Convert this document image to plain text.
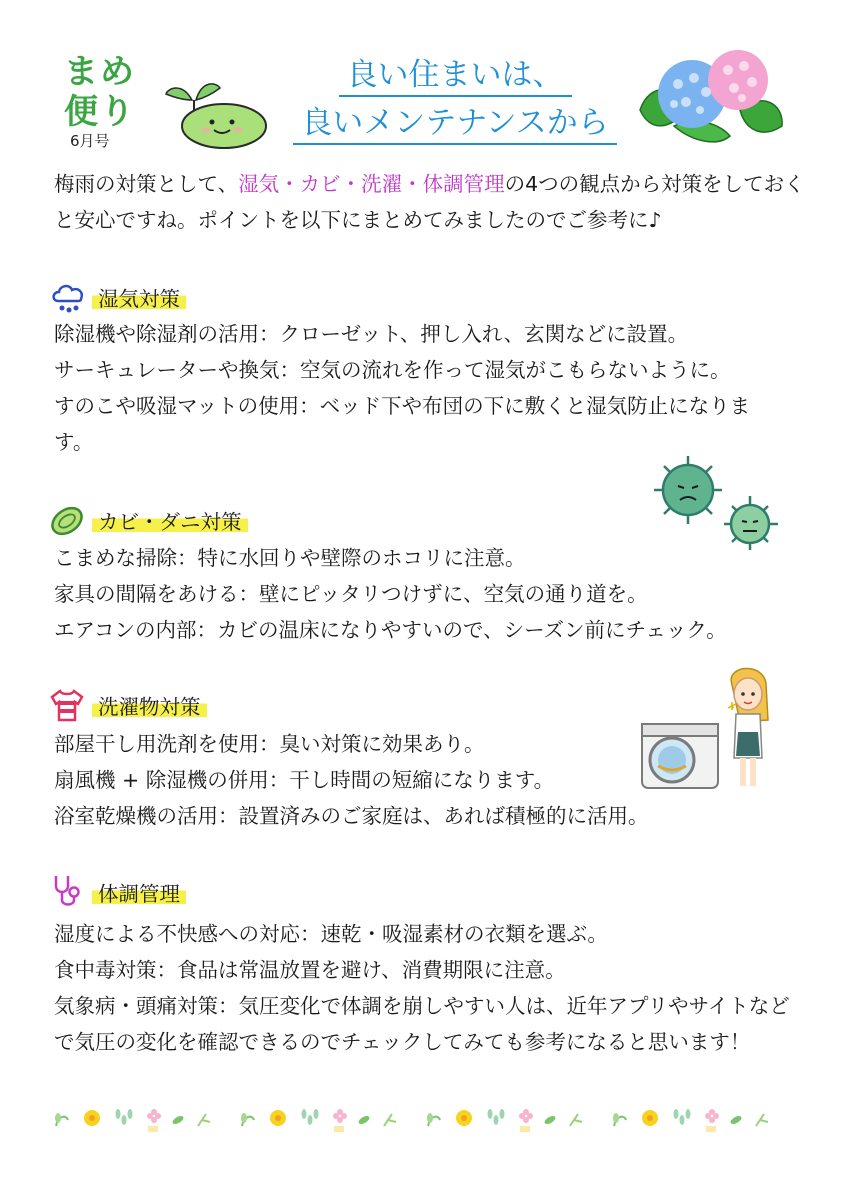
まめ
便り
6月号
良い住まいは、
良いメンテナンスから
梅雨の対策として、湿気・カビ・洗濯・体調管理の4つの観点から対策をしておくと安心ですね。ポイントを以下にまとめてみましたのでご参考に♪
湿気対策

除湿機や除湿剤の活用：クローゼット、押し入れ、玄関などに設置。

サーキュレーターや換気：空気の流れを作って湿気がこもらないように。

すのこや吸湿マットの使用：ベッド下や布団の下に敷くと湿気防止になります。

カビ・ダニ対策

こまめな掃除：特に水回りや壁際のホコリに注意。

家具の間隔をあける：壁にピッタリつけずに、空気の通り道を。

エアコンの内部：カビの温床になりやすいので、シーズン前にチェック。

洗濯物対策

部屋干し用洗剤を使用：臭い対策に効果あり。

扇風機 + 除湿機の併用：干し時間の短縮になります。

浴室乾燥機の活用：設置済みのご家庭は、あれば積極的に活用。

体調管理

湿度による不快感への対応：速乾・吸湿素材の衣類を選ぶ。

食中毒対策：食品は常温放置を避け、消費期限に注意。

気象病・頭痛対策：気圧変化で体調を崩しやすい人は、近年アプリやサイトなどで気圧の変化を確認できるのでチェックしてみても参考になると思います！
